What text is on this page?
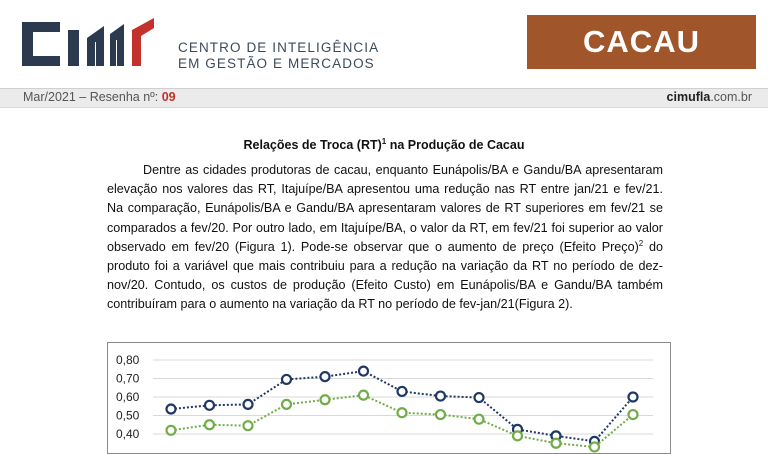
CENTRO DE INTELIGÊNCIA
EM GESTÃO E MERCADOS
CACAU
Mar/2021 – Resenha nº: 09	cimufla.com.br
Relações de Troca (RT)$^1$ na Produção de Cacau
Dentre as cidades produtoras de cacau, enquanto Eunápolis/BA e Gandu/BA apresentaram elevação nos valores das RT, Itajuípe/BA apresentou uma redução nas RT entre jan/21 e fev/21. Na comparação, Eunápolis/BA e Gandu/BA apresentaram valores de RT superiores em fev/21 se comparados a fev/20. Por outro lado, em Itajuípe/BA, o valor da RT, em fev/21 foi superior ao valor observado em fev/20 (Figura 1). Pode-se observar que o aumento de preço (Efeito Preço)$^2$ do produto foi a variável que mais contribuiu para a redução na variação da RT no período de dez-nov/20. Contudo, os custos de produção (Efeito Custo) em Eunápolis/BA e Gandu/BA também contribuíram para o aumento na variação da RT no período de fev-jan/21(Figura 2).
0,80
0,70
0,60
0,50
0,40
